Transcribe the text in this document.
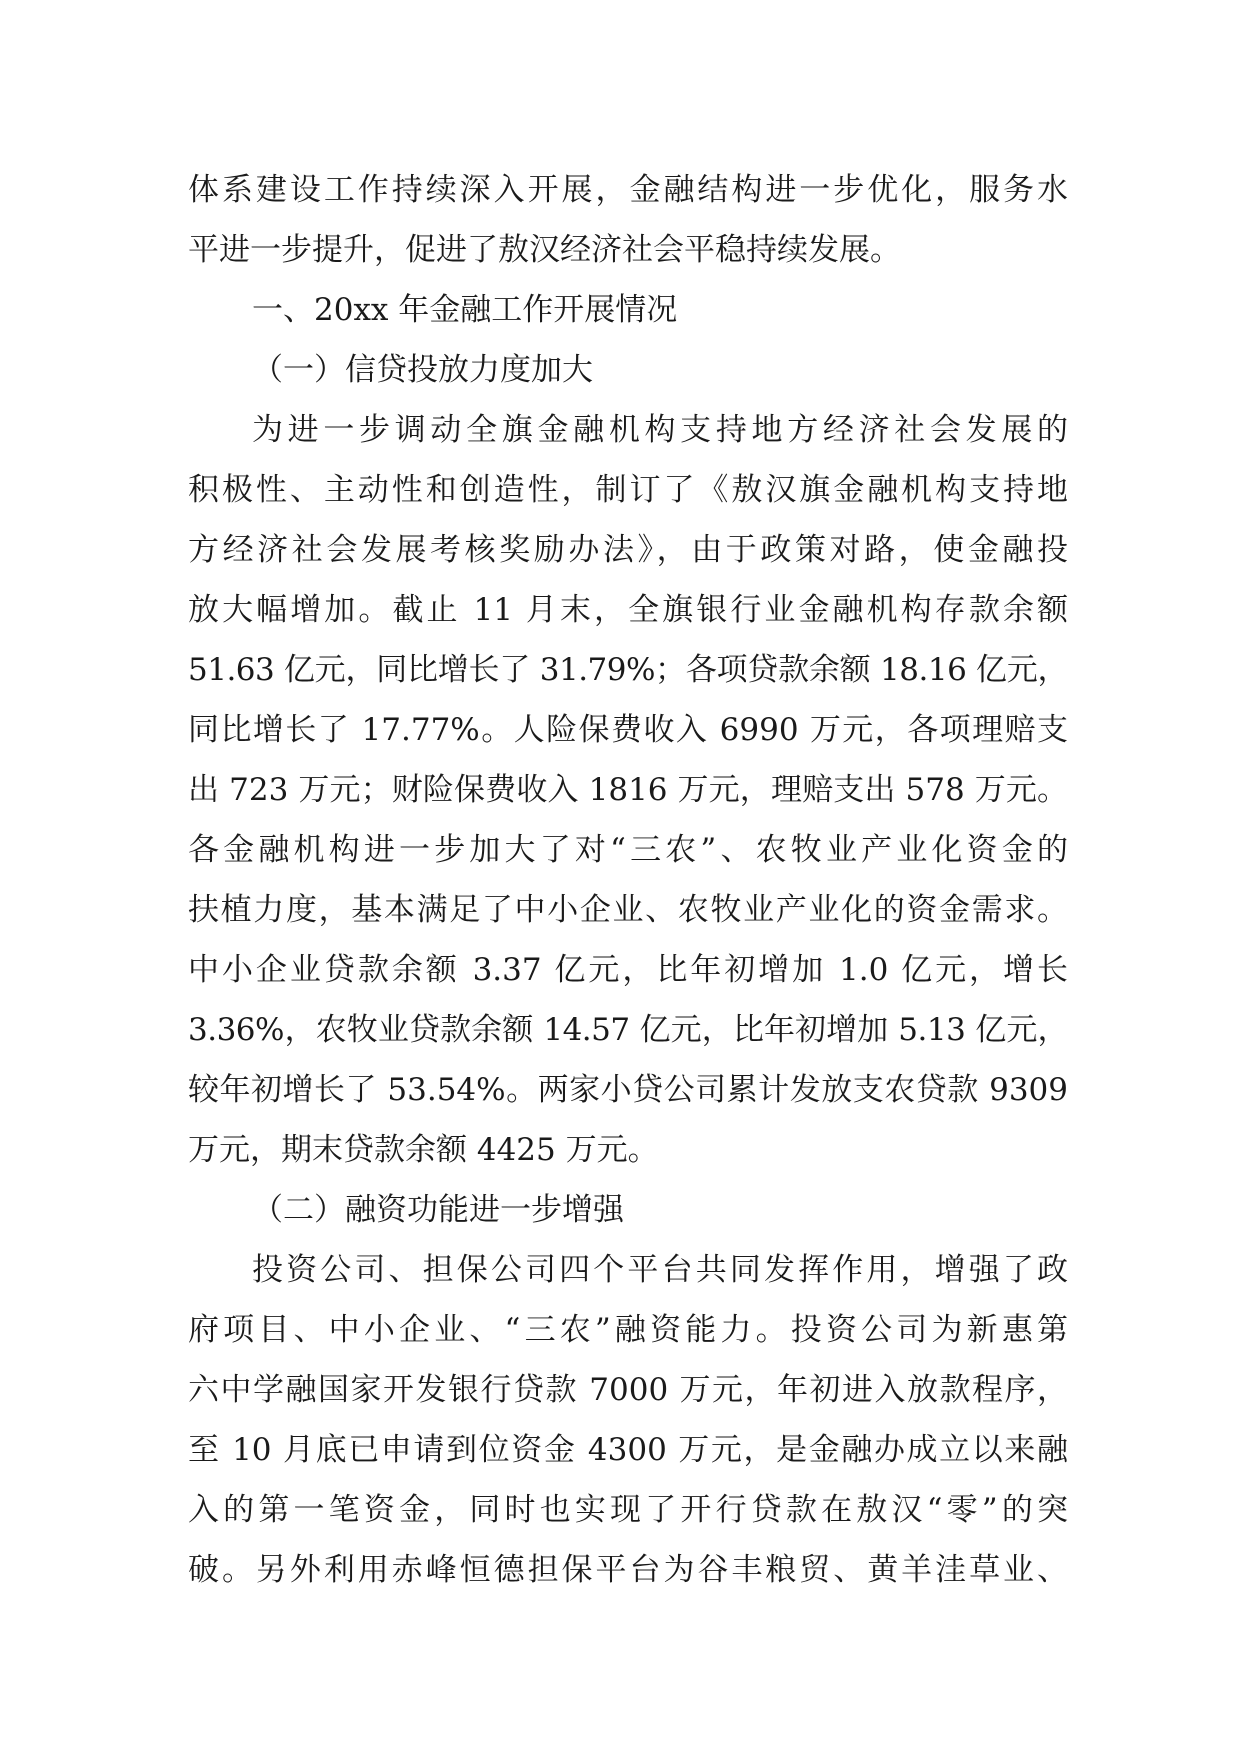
体系建设工作持续深入开展，金融结构进一步优化，服务水
平进一步提升，促进了敖汉经济社会平稳持续发展。
一、20xx 年金融工作开展情况
（一）信贷投放力度加大
为进一步调动全旗金融机构支持地方经济社会发展的
积极性、主动性和创造性，制订了《敖汉旗金融机构支持地
方经济社会发展考核奖励办法》，由于政策对路，使金融投
放大幅增加。截止 11 月末，全旗银行业金融机构存款余额
51.63 亿元，同比增长了 31.79%；各项贷款余额 18.16 亿元，
同比增长了 17.77%。人险保费收入 6990 万元，各项理赔支
出 723 万元；财险保费收入 1816 万元，理赔支出 578 万元。
各金融机构进一步加大了对“三农”、农牧业产业化资金的
扶植力度，基本满足了中小企业、农牧业产业化的资金需求。
中小企业贷款余额 3.37 亿元，比年初增加 1.0 亿元，增长
3.36%，农牧业贷款余额 14.57 亿元，比年初增加 5.13 亿元，
较年初增长了 53.54%。两家小贷公司累计发放支农贷款 9309
万元，期末贷款余额 4425 万元。
（二）融资功能进一步增强
投资公司、担保公司四个平台共同发挥作用，增强了政
府项目、中小企业、“三农”融资能力。投资公司为新惠第
六中学融国家开发银行贷款 7000 万元，年初进入放款程序，
至 10 月底已申请到位资金 4300 万元，是金融办成立以来融
入的第一笔资金，同时也实现了开行贷款在敖汉“零”的突
破。另外利用赤峰恒德担保平台为谷丰粮贸、黄羊洼草业、
